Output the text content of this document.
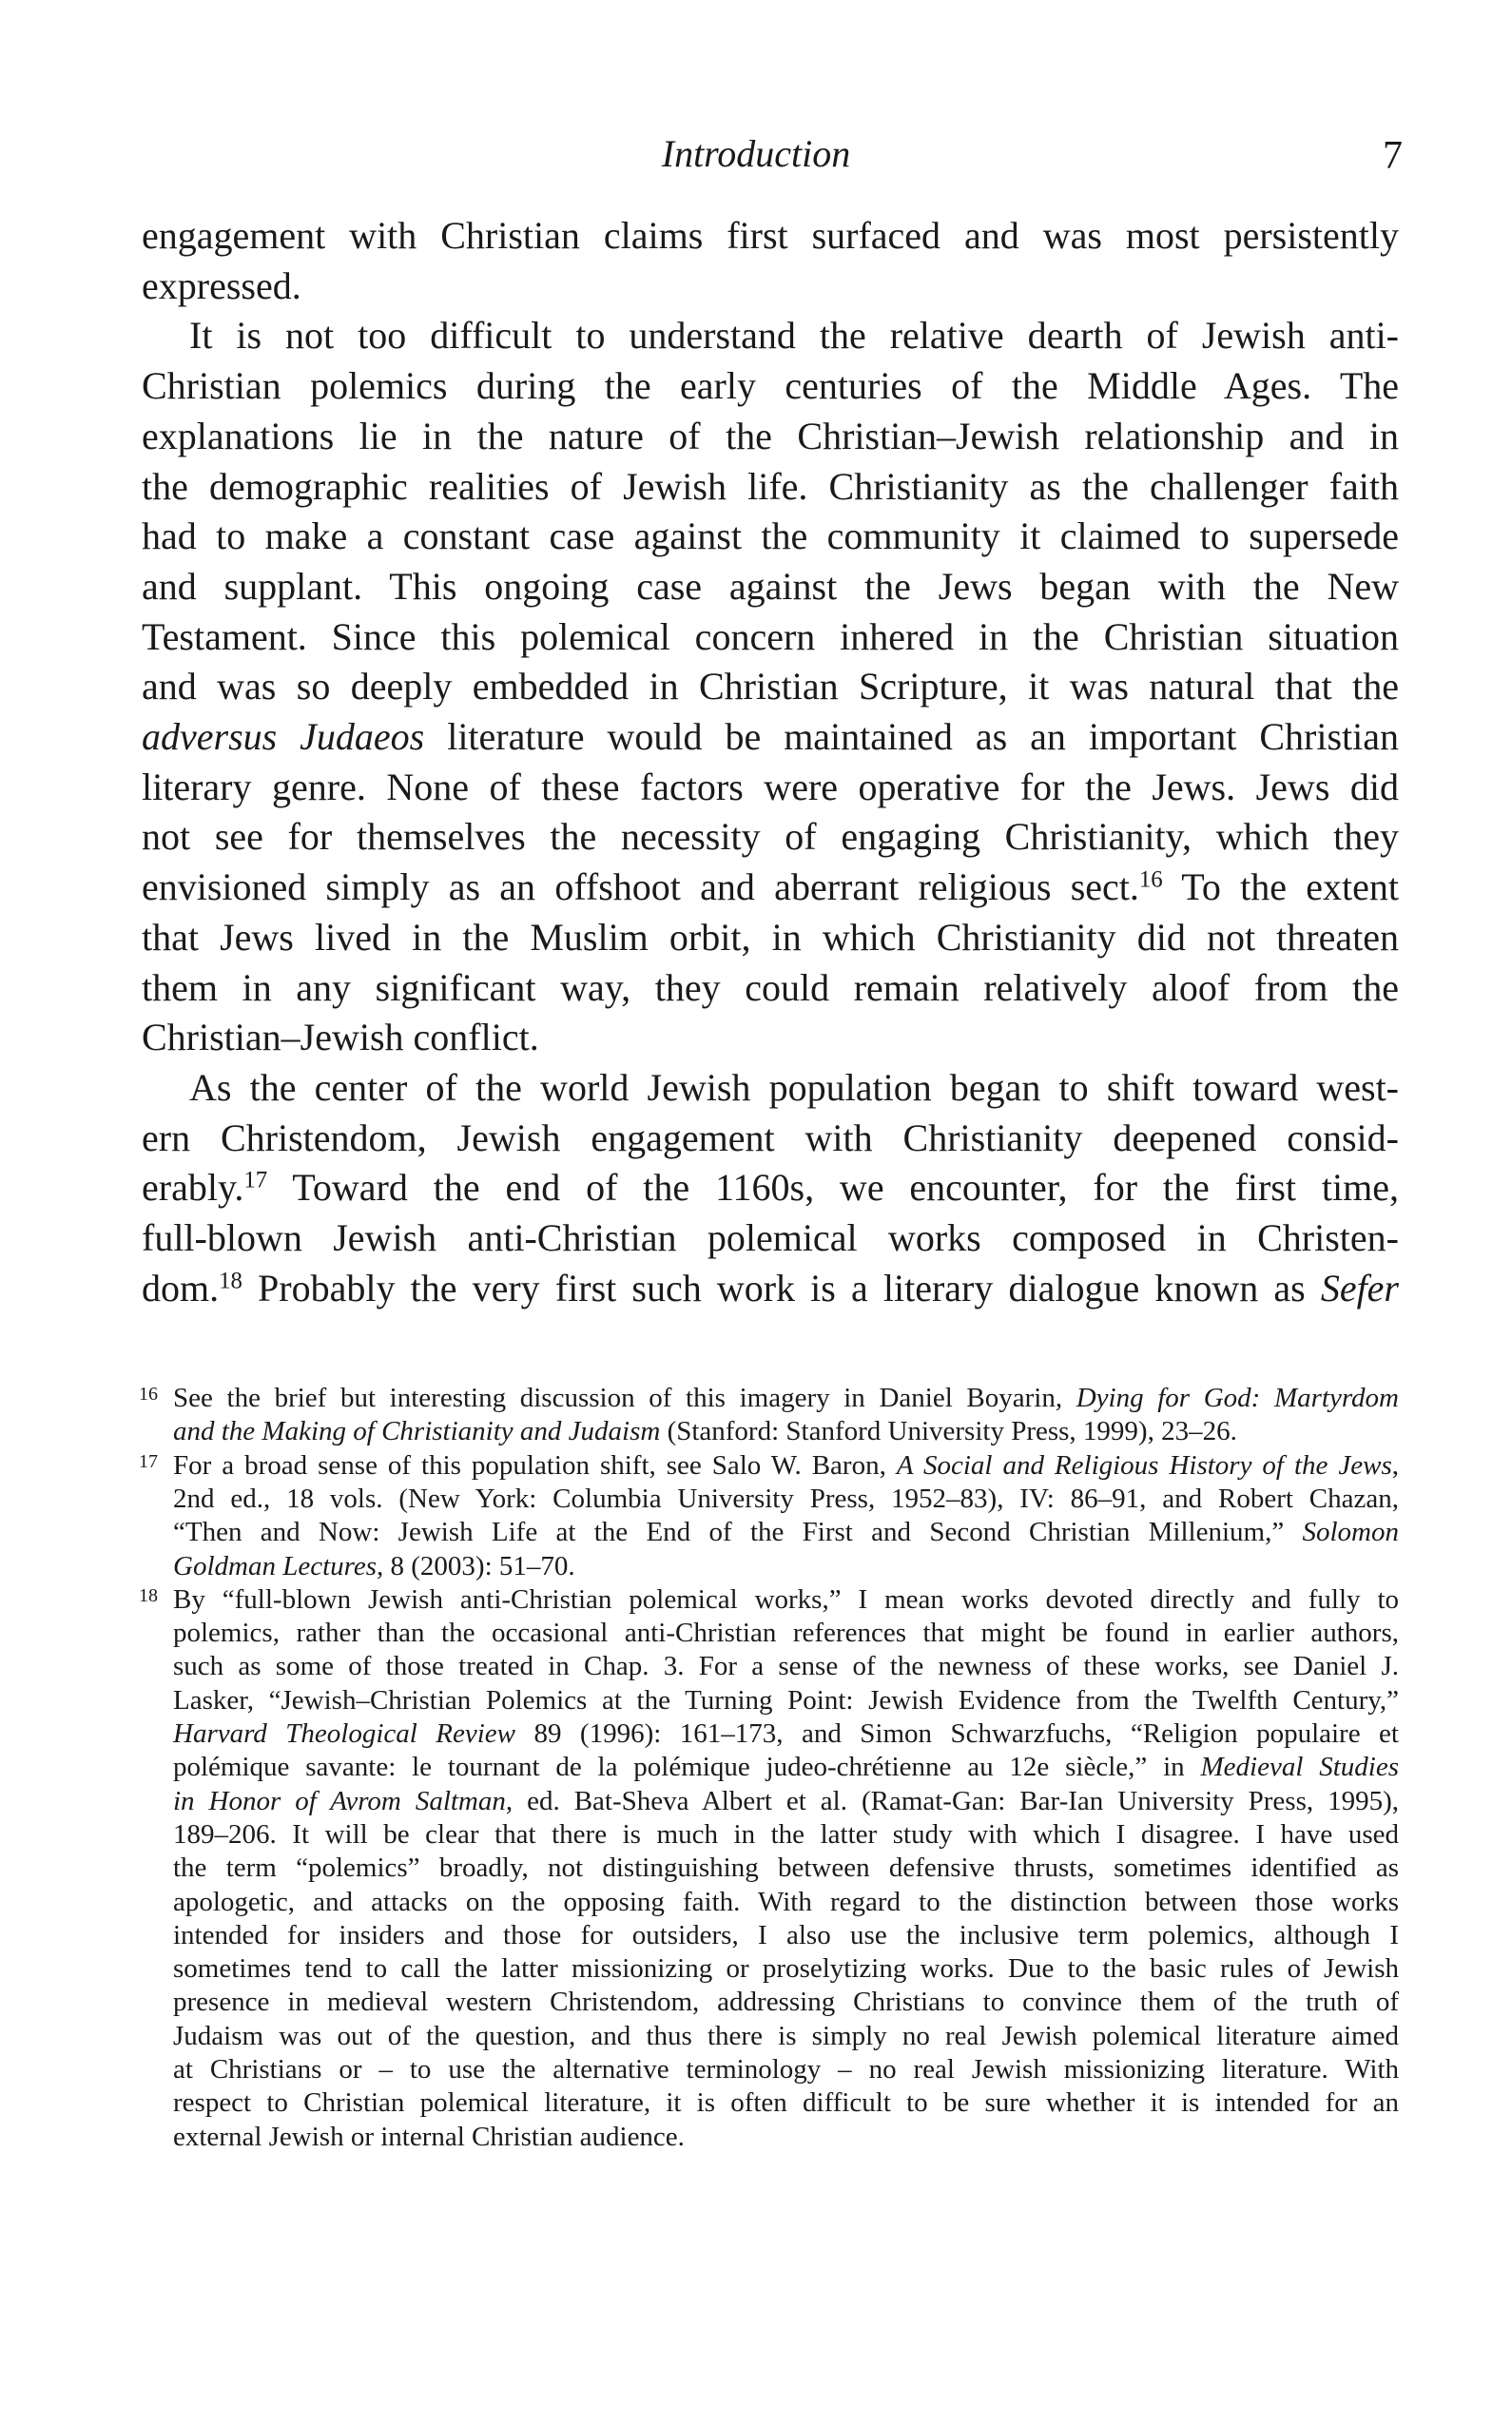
Introduction	7
engagement with Christian claims first surfaced and was most persistently
expressed.
It is not too difficult to understand the relative dearth of Jewish anti-
Christian polemics during the early centuries of the Middle Ages. The
explanations lie in the nature of the Christian–Jewish relationship and in
the demographic realities of Jewish life. Christianity as the challenger faith
had to make a constant case against the community it claimed to supersede
and supplant. This ongoing case against the Jews began with the New
Testament. Since this polemical concern inhered in the Christian situation
and was so deeply embedded in Christian Scripture, it was natural that the
adversus Judaeos literature would be maintained as an important Christian
literary genre. None of these factors were operative for the Jews. Jews did
not see for themselves the necessity of engaging Christianity, which they
envisioned simply as an offshoot and aberrant religious sect.$^{16}$ To the extent
that Jews lived in the Muslim orbit, in which Christianity did not threaten
them in any significant way, they could remain relatively aloof from the
Christian–Jewish conflict.
As the center of the world Jewish population began to shift toward west-
ern Christendom, Jewish engagement with Christianity deepened consid-
erably.$^{17}$ Toward the end of the 1160s, we encounter, for the first time,
full-blown Jewish anti-Christian polemical works composed in Christen-
dom.$^{18}$ Probably the very first such work is a literary dialogue known as Sefer
16 See the brief but interesting discussion of this imagery in Daniel Boyarin, Dying for God: Martyrdom
and the Making of Christianity and Judaism (Stanford: Stanford University Press, 1999), 23–26.
17 For a broad sense of this population shift, see Salo W. Baron, A Social and Religious History of the Jews,
2nd ed., 18 vols. (New York: Columbia University Press, 1952–83), IV: 86–91, and Robert Chazan,
“Then and Now: Jewish Life at the End of the First and Second Christian Millenium,” Solomon
Goldman Lectures, 8 (2003): 51–70.
18 By “full-blown Jewish anti-Christian polemical works,” I mean works devoted directly and fully to
polemics, rather than the occasional anti-Christian references that might be found in earlier authors,
such as some of those treated in Chap. 3. For a sense of the newness of these works, see Daniel J.
Lasker, “Jewish–Christian Polemics at the Turning Point: Jewish Evidence from the Twelfth Century,”
Harvard Theological Review 89 (1996): 161–173, and Simon Schwarzfuchs, “Religion populaire et
polémique savante: le tournant de la polémique judeo-chrétienne au 12e siècle,” in Medieval Studies
in Honor of Avrom Saltman, ed. Bat-Sheva Albert et al. (Ramat-Gan: Bar-Ian University Press, 1995),
189–206. It will be clear that there is much in the latter study with which I disagree. I have used
the term “polemics” broadly, not distinguishing between defensive thrusts, sometimes identified as
apologetic, and attacks on the opposing faith. With regard to the distinction between those works
intended for insiders and those for outsiders, I also use the inclusive term polemics, although I
sometimes tend to call the latter missionizing or proselytizing works. Due to the basic rules of Jewish
presence in medieval western Christendom, addressing Christians to convince them of the truth of
Judaism was out of the question, and thus there is simply no real Jewish polemical literature aimed
at Christians or – to use the alternative terminology – no real Jewish missionizing literature. With
respect to Christian polemical literature, it is often difficult to be sure whether it is intended for an
external Jewish or internal Christian audience.
